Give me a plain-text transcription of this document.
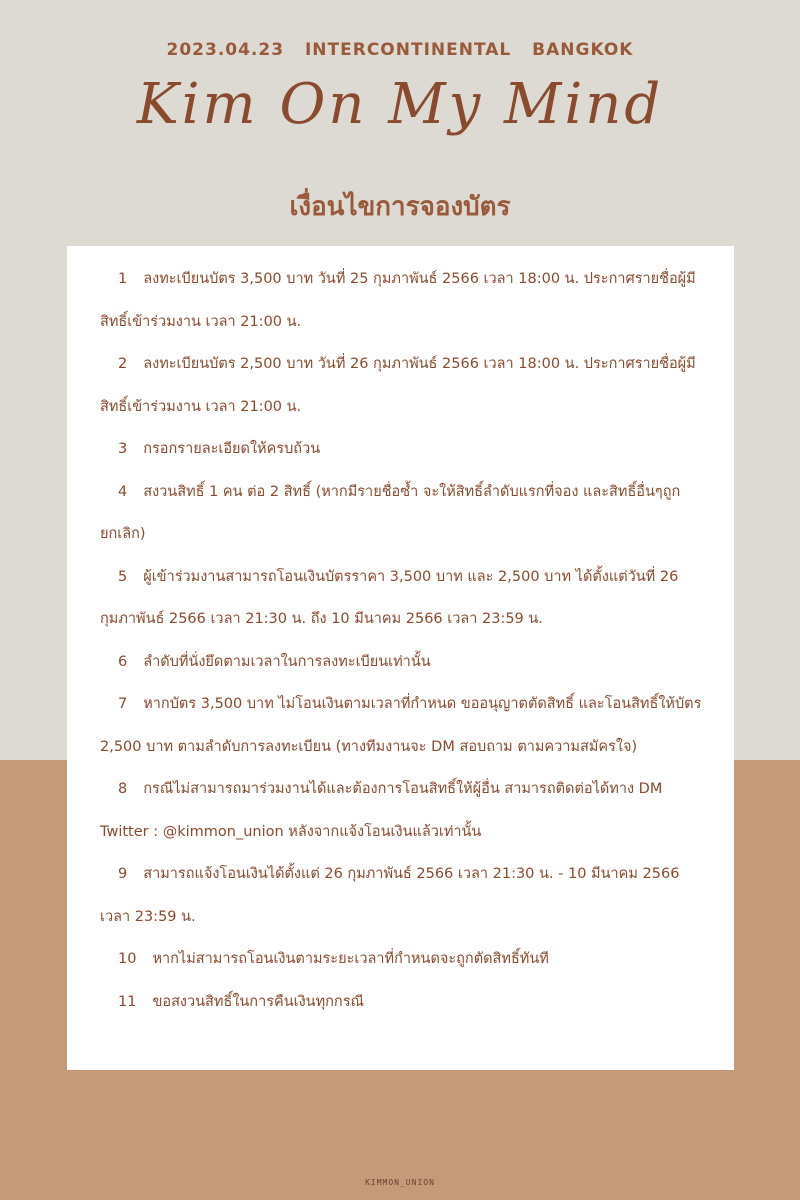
2023.04.23 INTERCONTINENTAL BANGKOK
Kim On My Mind
เงื่อนไขการจองบัตร
1 ลงทะเบียนบัตร 3,500 บาท วันที่ 25 กุมภาพันธ์ 2566 เวลา 18:00 น. ประกาศรายชื่อผู้มีสิทธิ์เข้าร่วมงาน เวลา 21:00 น.
2 ลงทะเบียนบัตร 2,500 บาท วันที่ 26 กุมภาพันธ์ 2566 เวลา 18:00 น. ประกาศรายชื่อผู้มีสิทธิ์เข้าร่วมงาน เวลา 21:00 น.
3 กรอกรายละเอียดให้ครบถ้วน
4 สงวนสิทธิ์ 1 คน ต่อ 2 สิทธิ์ (หากมีรายชื่อซ้ำ จะให้สิทธิ์ลำดับแรกที่จอง และสิทธิ์อื่นๆถูกยกเลิก)
5 ผู้เข้าร่วมงานสามารถโอนเงินบัตรราคา 3,500 บาท และ 2,500 บาท ได้ตั้งแต่วันที่ 26 กุมภาพันธ์ 2566 เวลา 21:30 น. ถึง 10 มีนาคม 2566 เวลา 23:59 น.
6 ลำดับที่นั่งยึดตามเวลาในการลงทะเบียนเท่านั้น
7 หากบัตร 3,500 บาท ไม่โอนเงินตามเวลาที่กำหนด ขออนุญาตตัดสิทธิ์ และโอนสิทธิ์ให้บัตร 2,500 บาท ตามลำดับการลงทะเบียน (ทางทีมงานจะ DM สอบถาม ตามความสมัครใจ)
8 กรณีไม่สามารถมาร่วมงานได้และต้องการโอนสิทธิ์ให้ผู้อื่น สามารถติดต่อได้ทาง DM Twitter : @kimmon_union หลังจากแจ้งโอนเงินแล้วเท่านั้น
9 สามารถแจ้งโอนเงินได้ตั้งแต่ 26 กุมภาพันธ์ 2566 เวลา 21:30 น. - 10 มีนาคม 2566 เวลา 23:59 น.
10 หากไม่สามารถโอนเงินตามระยะเวลาที่กำหนดจะถูกตัดสิทธิ์ทันที
11 ขอสงวนสิทธิ์ในการคืนเงินทุกกรณี
KIMMON_UNION
